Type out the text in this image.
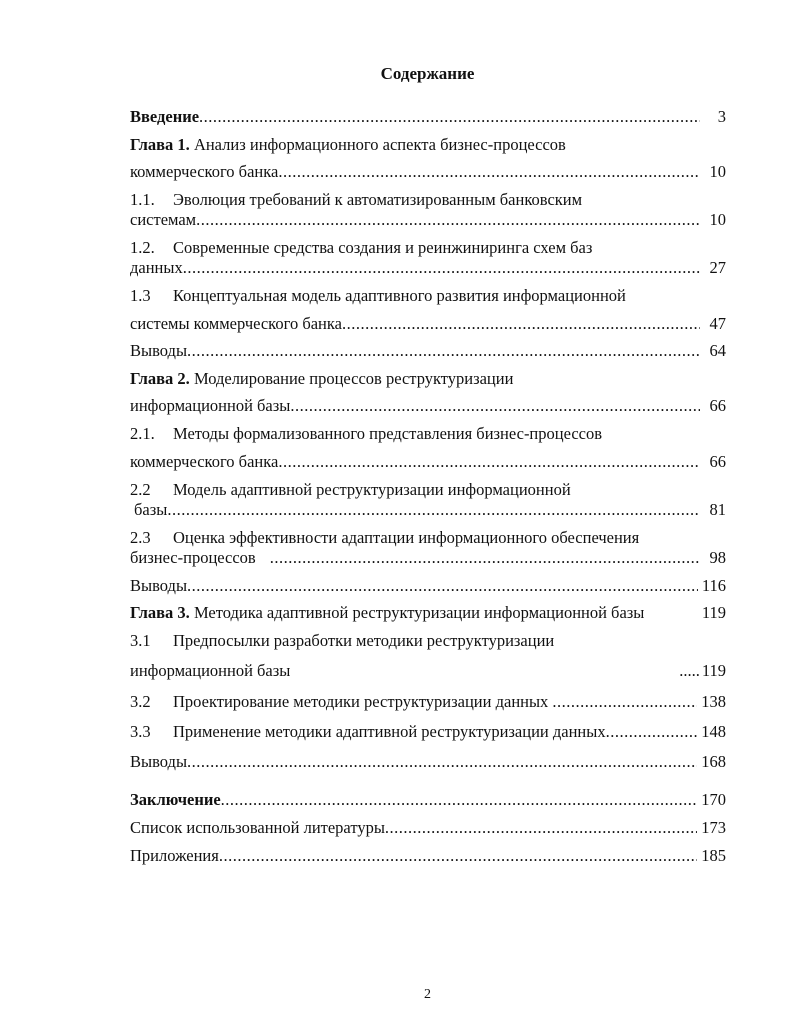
Содержание
Введение .....	3
Глава 1. Анализ информационного аспекта бизнес-процессов
коммерческого банка .....	10
1.1. Эволюция требований к автоматизированным банковским
системам .....	10
1.2. Современные средства создания и реинжиниринга схем баз
данных .....	27
1.3 Концептуальная модель адаптивного развития информационной
системы коммерческого банка .....	47
Выводы .....	64
Глава 2. Моделирование процессов реструктуризации
информационной базы .....	66
2.1. Методы формализованного представления бизнес-процессов
коммерческого банка .....	66
2.2 Модель адаптивной реструктуризации информационной
базы .....	81
2.3 Оценка эффективности адаптации информационного обеспечения
бизнес-процессов .....	98
Выводы .....	116
Глава 3. Методика адаптивной реструктуризации информационной базы	119
3.1 Предпосылки разработки методики реструктуризации
информационной базы	..... 119
3.2 Проектирование методики реструктуризации данных .....	138
3.3 Применение методики адаптивной реструктуризации данных .....	148
Выводы .....	168
Заключение .....	170
Список использованной литературы .....	173
Приложения .....	185
2
